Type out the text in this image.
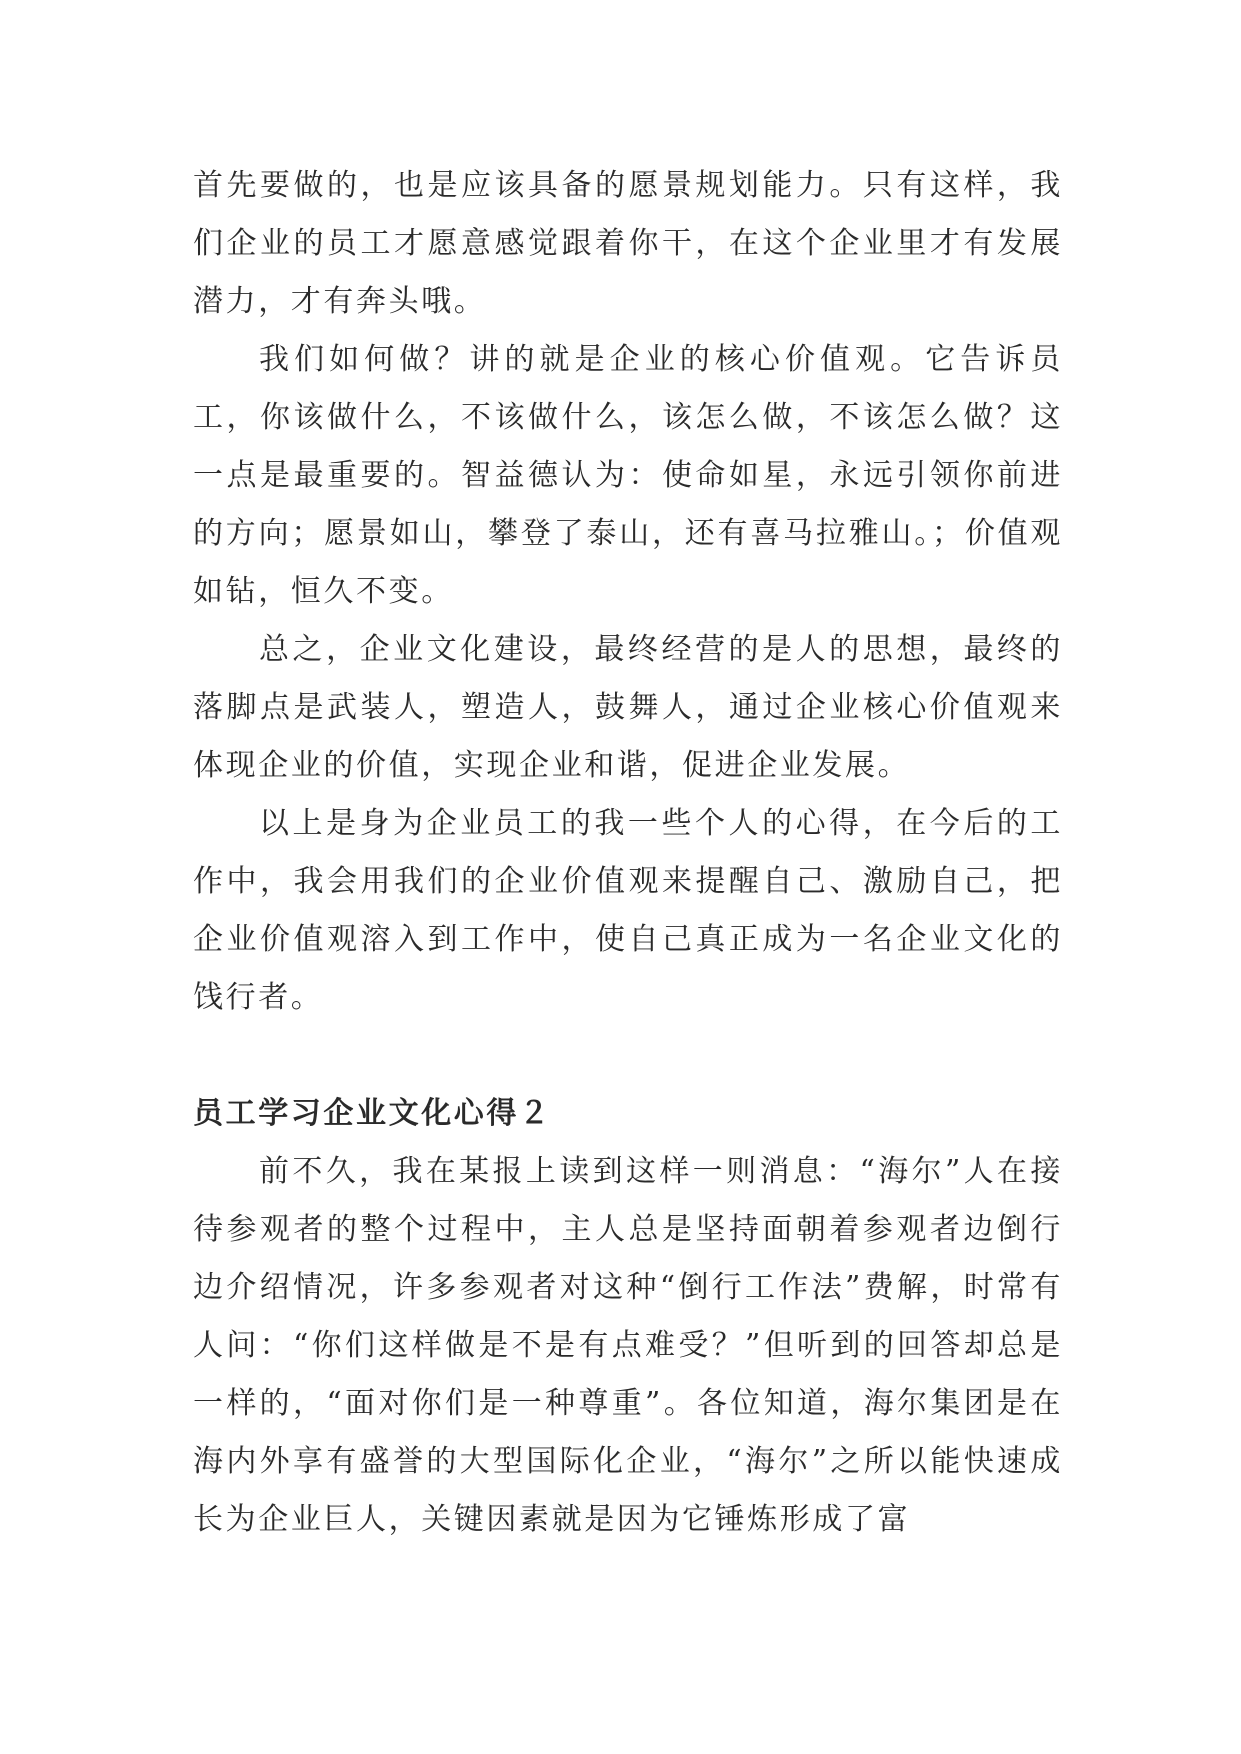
首先要做的，也是应该具备的愿景规划能力。只有这样，我们企业的员工才愿意感觉跟着你干，在这个企业里才有发展潜力，才有奔头哦。

我们如何做？讲的就是企业的核心价值观。它告诉员工，你该做什么，不该做什么，该怎么做，不该怎么做？这一点是最重要的。智益德认为：使命如星，永远引领你前进的方向；愿景如山，攀登了泰山，还有喜马拉雅山。；价值观如钻，恒久不变。

总之，企业文化建设，最终经营的是人的思想，最终的落脚点是武装人，塑造人，鼓舞人，通过企业核心价值观来体现企业的价值，实现企业和谐，促进企业发展。

以上是身为企业员工的我一些个人的心得，在今后的工作中，我会用我们的企业价值观来提醒自己、激励自己，把企业价值观溶入到工作中，使自己真正成为一名企业文化的饯行者。

员工学习企业文化心得２

前不久，我在某报上读到这样一则消息：“海尔”人在接待参观者的整个过程中，主人总是坚持面朝着参观者边倒行边介绍情况，许多参观者对这种“倒行工作法”费解，时常有人问：“你们这样做是不是有点难受？”但听到的回答却总是一样的，“面对你们是一种尊重”。各位知道，海尔集团是在海内外享有盛誉的大型国际化企业，“海尔”之所以能快速成长为企业巨人，关键因素就是因为它锤炼形成了富
